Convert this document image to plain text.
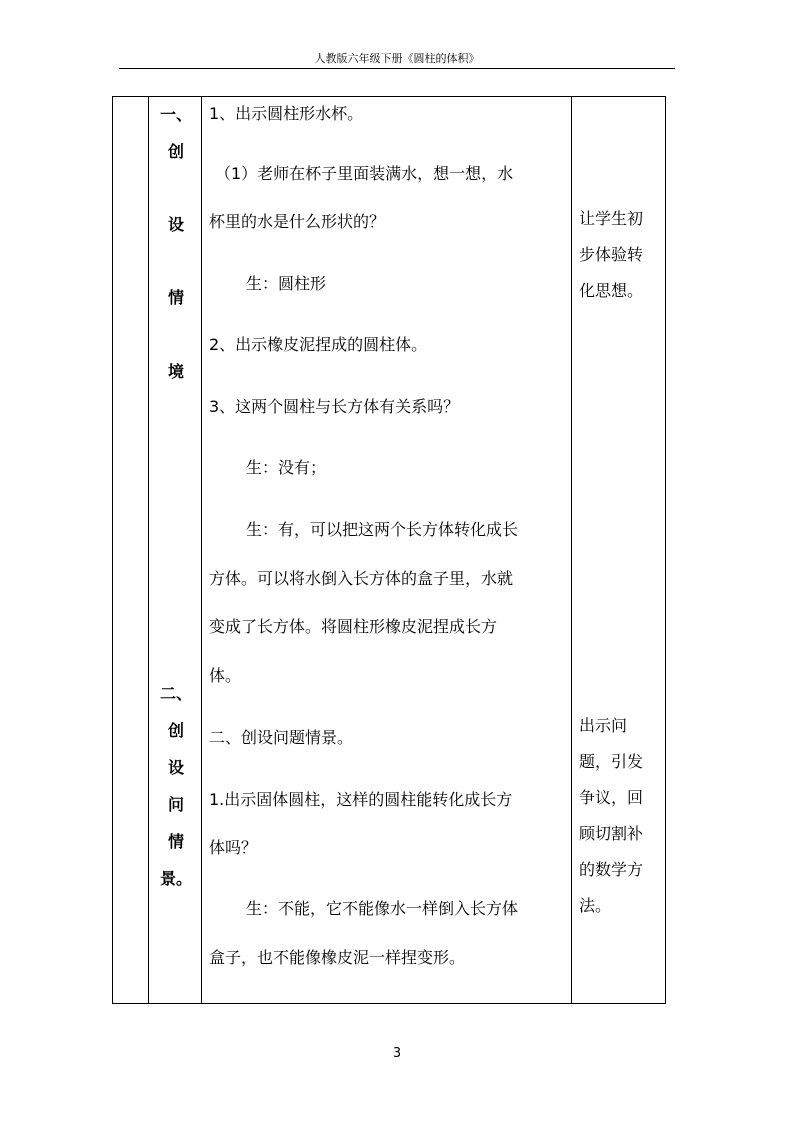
人教版六年级下册《圆柱的体积》
一、
创
设
情
境
二、
创
设
问
情
景。
1、出示圆柱形水杯。
（1）老师在杯子里面装满水，想一想，水
杯里的水是什么形状的？
生：圆柱形
2、出示橡皮泥捏成的圆柱体。
3、这两个圆柱与长方体有关系吗？
生：没有；
生：有，可以把这两个长方体转化成长
方体。可以将水倒入长方体的盒子里，水就
变成了长方体。将圆柱形橡皮泥捏成长方
体。
二、创设问题情景。
1.出示固体圆柱，这样的圆柱能转化成长方
体吗？
生：不能，它不能像水一样倒入长方体
盒子，也不能像橡皮泥一样捏变形。
让学生初
步体验转
化思想。
出示问
题，引发
争议，回
顾切割补
的数学方
法。
3
